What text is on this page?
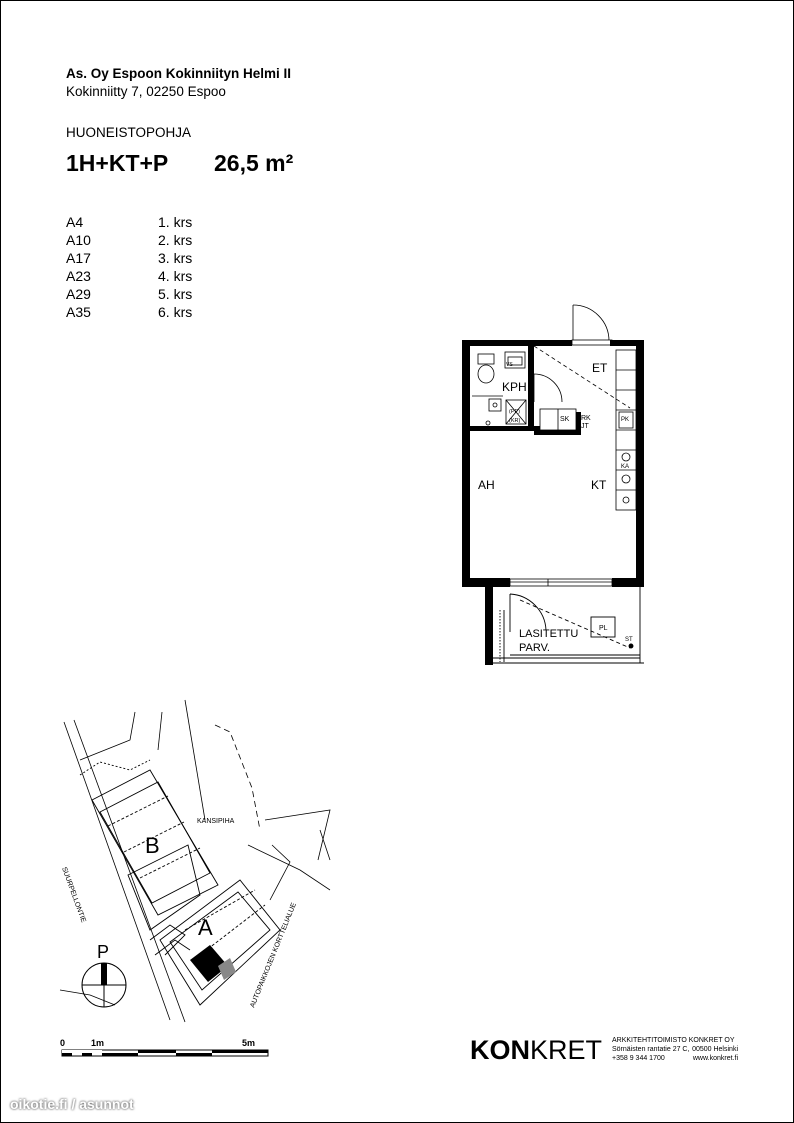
As. Oy Espoon Kokinniityn Helmi II
Kokinniitty 7, 02250 Espoo
HUONEISTOPOHJA
1H+KT+P 26,5 m²
A4	1. krs
A10	2. krs
A17	3. krs
A23	4. krs
A29	5. krs
A35	6. krs
ET
KPH
AH	KT
LASITETTU
PARV.
SK RK
JT
PK
KA
PL
ST
(PP)
(KR)
VS
B
A
KANSIPIHA
SUURPELLONTIE
AUTOPAIKKOJEN KORTTELIALUE
P
0	1m	5m	KONKRET ARKKITEHTITOIMISTO KONKRET OY
Sörnäisten rantatie 27 C, 00500 Helsinki
+358 9 344 1700	www.konkret.fi
oikotie.fi / asunnot
